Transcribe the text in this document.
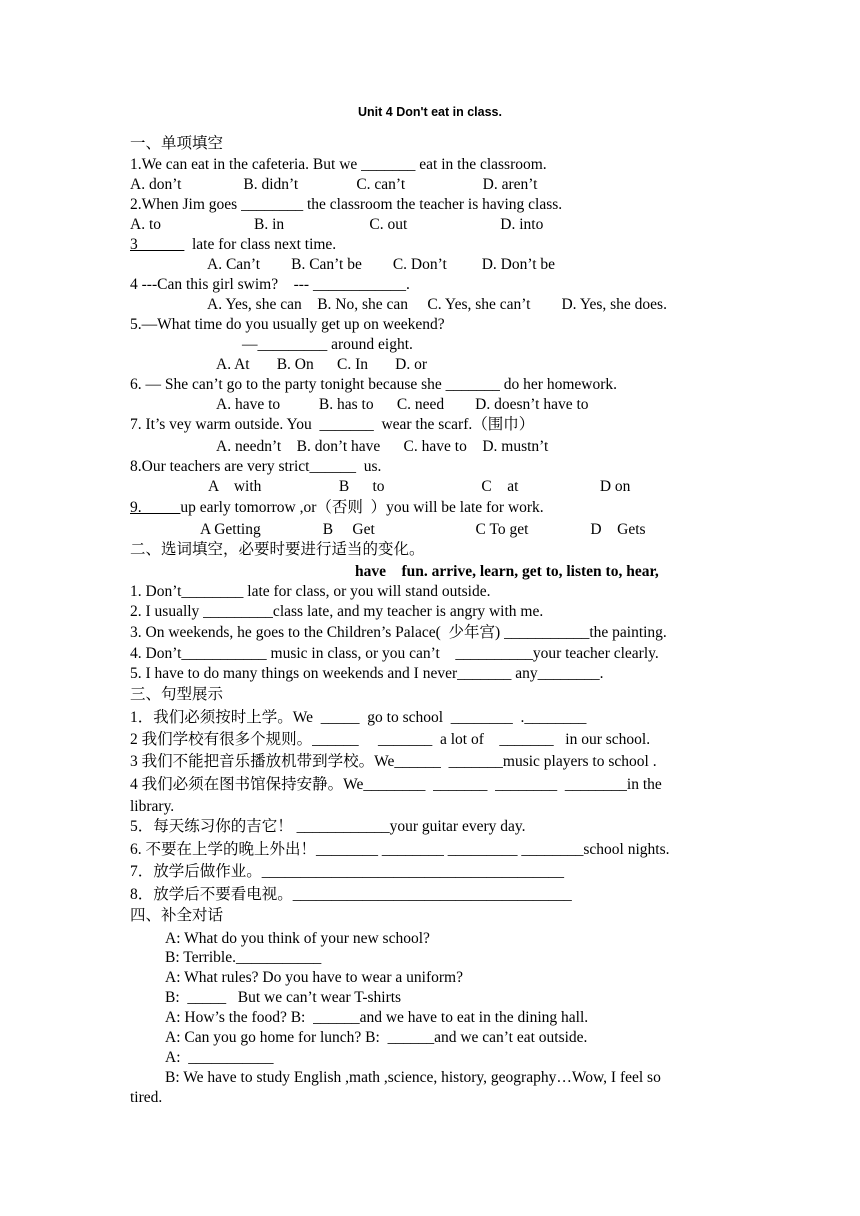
Unit 4 Don't eat in class.
一、单项填空
1.We can eat in the cafeteria. But we _______ eat in the classroom.
A. don’t                B. didn’t               C. can’t                    D. aren’t
2.When Jim goes ________ the classroom the teacher is having class.
A. to                        B. in                      C. out                        D. into
3______  late for class next time.
A. Can’t        B. Can’t be        C. Don’t         D. Don’t be
4 ---Can this girl swim?    --- ____________.
A. Yes, she can    B. No, she can     C. Yes, she can’t        D. Yes, she does.
5.—What time do you usually get up on weekend?
—_________ around eight.
A. At       B. On      C. In       D. or
6. — She can’t go to the party tonight because she _______ do her homework.
A. have to          B. has to      C. need        D. doesn’t have to
7. It’s vey warm outside. You  _______  wear the scarf.（围巾）
A. needn’t    B. don’t have      C. have to    D. mustn’t
8.Our teachers are very strict______  us.
A    with                    B      to                         C    at                     D on
9._____up early tomorrow ,or（否则  ）you will be late for work.
A Getting                B     Get                          C To get                D    Gets
二、选词填空，必要时要进行适当的变化。
have    fun. arrive, learn, get to, listen to, hear,
1. Don’t________ late for class, or you will stand outside.
2. I usually _________class late, and my teacher is angry with me.
3. On weekends, he goes to the Children’s Palace(  少年宫) ___________the painting.
4. Don’t___________ music in class, or you can’t    __________your teacher clearly.
5. I have to do many things on weekends and I never_______ any________.
三、句型展示
1．我们必须按时上学。We  _____  go to school  ________  .________
2 我们学校有很多个规则。______     _______  a lot of    _______   in our school.
3 我们不能把音乐播放机带到学校。We______  _______music players to school .
4 我们必须在图书馆保持安静。We________  _______  ________  ________in the
library.
5．每天练习你的吉它！ ____________your guitar every day.
6. 不要在上学的晚上外出！________ ________ _________ ________school nights.
7．放学后做作业。_______________________________________
8．放学后不要看电视。____________________________________
四、补全对话
A: What do you think of your new school?
B: Terrible.___________
A: What rules? Do you have to wear a uniform?
B:  _____   But we can’t wear T-shirts
A: How’s the food? B:  ______and we have to eat in the dining hall.
A: Can you go home for lunch? B:  ______and we can’t eat outside.
A:  ___________
B: We have to study English ,math ,science, history, geography…Wow, I feel so
tired.
